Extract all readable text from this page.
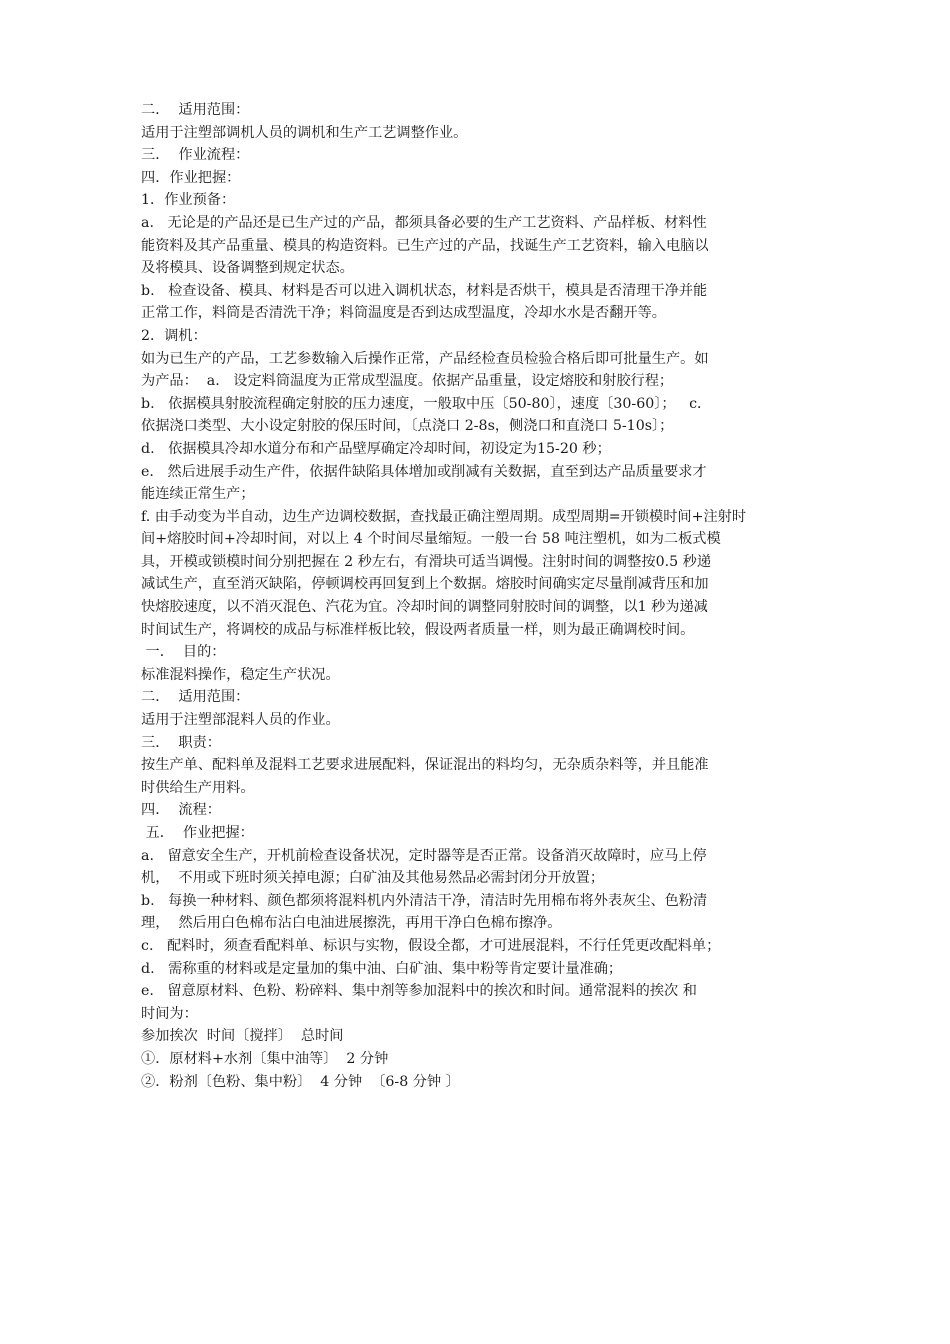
二．  适用范围：
适用于注塑部调机人员的调机和生产工艺调整作业。
三．  作业流程：
四．作业把握：
1．作业预备：
a.   无论是的产品还是已生产过的产品，都须具备必要的生产工艺资料、产品样板、材料性
能资料及其产品重量、模具的构造资料。已生产过的产品，找诞生产工艺资料，输入电脑以
及将模具、设备调整到规定状态。
b.   检查设备、模具、材料是否可以进入调机状态，材料是否烘干，模具是否清理干净并能
正常工作，料筒是否清洗干净；料筒温度是否到达成型温度，冷却水水是否翻开等。
2．调机：
如为已生产的产品，工艺参数输入后操作正常，产品经检查员检验合格后即可批量生产。如
为产品：  a.   设定料筒温度为正常成型温度。依据产品重量，设定熔胶和射胶行程；
b.   依据模具射胶流程确定射胶的压力速度，一般取中压〔50-80〕，速度〔30-60〕；   c．
依据浇口类型、大小设定射胶的保压时间，〔点浇口 2-8s，侧浇口和直浇口 5-10s〕；
d.   依据模具冷却水道分布和产品壁厚确定冷却时间，初设定为15-20 秒；
e.   然后进展手动生产件，依据件缺陷具体增加或削减有关数据，直至到达产品质量要求才
能连续正常生产；
f. 由手动变为半自动，边生产边调校数据，查找最正确注塑周期。成型周期=开锁模时间+注射时
间+熔胶时间+冷却时间，对以上 4 个时间尽量缩短。一般一台 58 吨注塑机，如为二板式模
具，开模或锁模时间分别把握在 2 秒左右，有滑块可适当调慢。注射时间的调整按0.5 秒递
减试生产，直至消灭缺陷，停顿调校再回复到上个数据。熔胶时间确实定尽量削减背压和加
快熔胶速度，以不消灭混色、汽花为宜。冷却时间的调整同射胶时间的调整，以1 秒为递减
时间试生产，将调校的成品与标准样板比较，假设两者质量一样，则为最正确调校时间。
一．  目的：
标准混料操作，稳定生产状况。
二．  适用范围：
适用于注塑部混料人员的作业。
三．  职责：
按生产单、配料单及混料工艺要求进展配料，保证混出的料均匀，无杂质杂料等，并且能准
时供给生产用料。
四．  流程：
五．  作业把握：
a.   留意安全生产，开机前检查设备状况，定时器等是否正常。设备消灭故障时，应马上停
机，  不用或下班时须关掉电源；白矿油及其他易然品必需封闭分开放置；
b.   每换一种材料、颜色都须将混料机内外清洁干净，清洁时先用棉布将外表灰尘、色粉清
理，  然后用白色棉布沾白电油进展擦洗，再用干净白色棉布擦净。
c.   配料时，须查看配料单、标识与实物，假设全都，才可进展混料，不行任凭更改配料单；
d.   需称重的材料或是定量加的集中油、白矿油、集中粉等肯定要计量准确；
e.   留意原材料、色粉、粉碎料、集中剂等参加混料中的挨次和时间。通常混料的挨次 和
时间为：
参加挨次  时间〔搅拌〕  总时间
①．原材料+水剂〔集中油等〕  2 分钟
②．粉剂〔色粉、集中粉〕  4 分钟  〔6-8 分钟 〕
